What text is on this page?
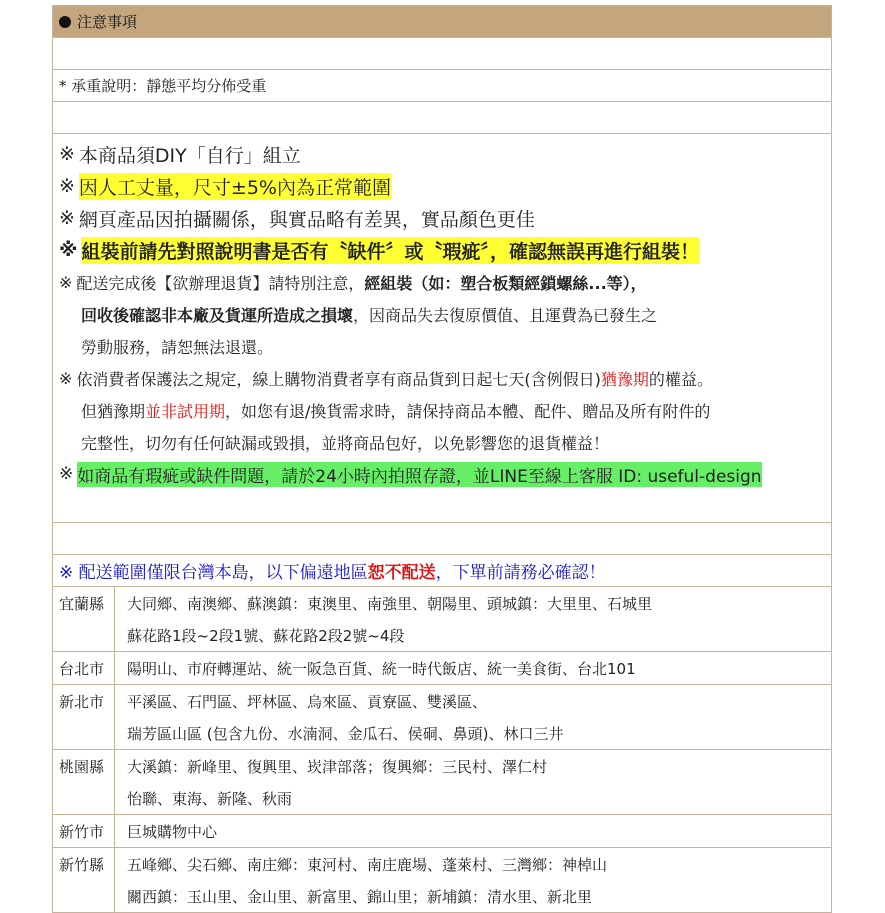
注意事項
* 承重說明：靜態平均分佈受重
※ 本商品須DIY「自行」組立
※ 因人工丈量，尺寸±5%內為正常範圍
※ 網頁產品因拍攝關係，與實品略有差異，實品顏色更佳
※ 組裝前請先對照說明書是否有〝缺件〞或〝瑕疵〞，確認無誤再進行組裝！
※ 配送完成後【欲辦理退貨】請特別注意， 經組裝（如：塑合板類經鎖螺絲...等），
回收後確認非本廠及貨運所造成之損壞 ，因商品失去復原價值、且運費為已發生之
勞動服務，請恕無法退還。
※ 依消費者保護法之規定，線上購物消費者享有商品貨到日起七天(含例假日) 猶豫期 的權益。
但猶豫期 並非試用期 ，如您有退/換貨需求時，請保持商品本體、配件、贈品及所有附件的
完整性，切勿有任何缺漏或毀損，並將商品包好，以免影響您的退貨權益！
※ 如商品有瑕疵或缺件問題，請於24小時內拍照存證，並LINE至線上客服 ID: useful-design
※ 配送範圍僅限台灣本島，以下偏遠地區 恕不配送 ，下單前請務必確認！
宜蘭縣	大同鄉、南澳鄉、蘇澳鎮：東澳里、南強里、朝陽里、頭城鎮：大里里、石城里
蘇花路1段~2段1號、蘇花路2段2號~4段
台北市	陽明山、市府轉運站、統一阪急百貨、統一時代飯店、統一美食街、台北101
新北市	平溪區、石門區、坪林區、烏來區、貢寮區、雙溪區、
瑞芳區山區 (包含九份、水湳洞、金瓜石、侯硐、鼻頭)、林口三井
桃園縣	大溪鎮：新峰里、復興里、崁津部落；復興鄉：三民村、澤仁村
怡聯、東海、新隆、秋雨
新竹市	巨城購物中心
新竹縣	五峰鄉、尖石鄉、南庄鄉：東河村、南庄鹿場、蓬萊村、三灣鄉：神棹山
關西鎮：玉山里、金山里、新富里、錦山里；新埔鎮：清水里、新北里
